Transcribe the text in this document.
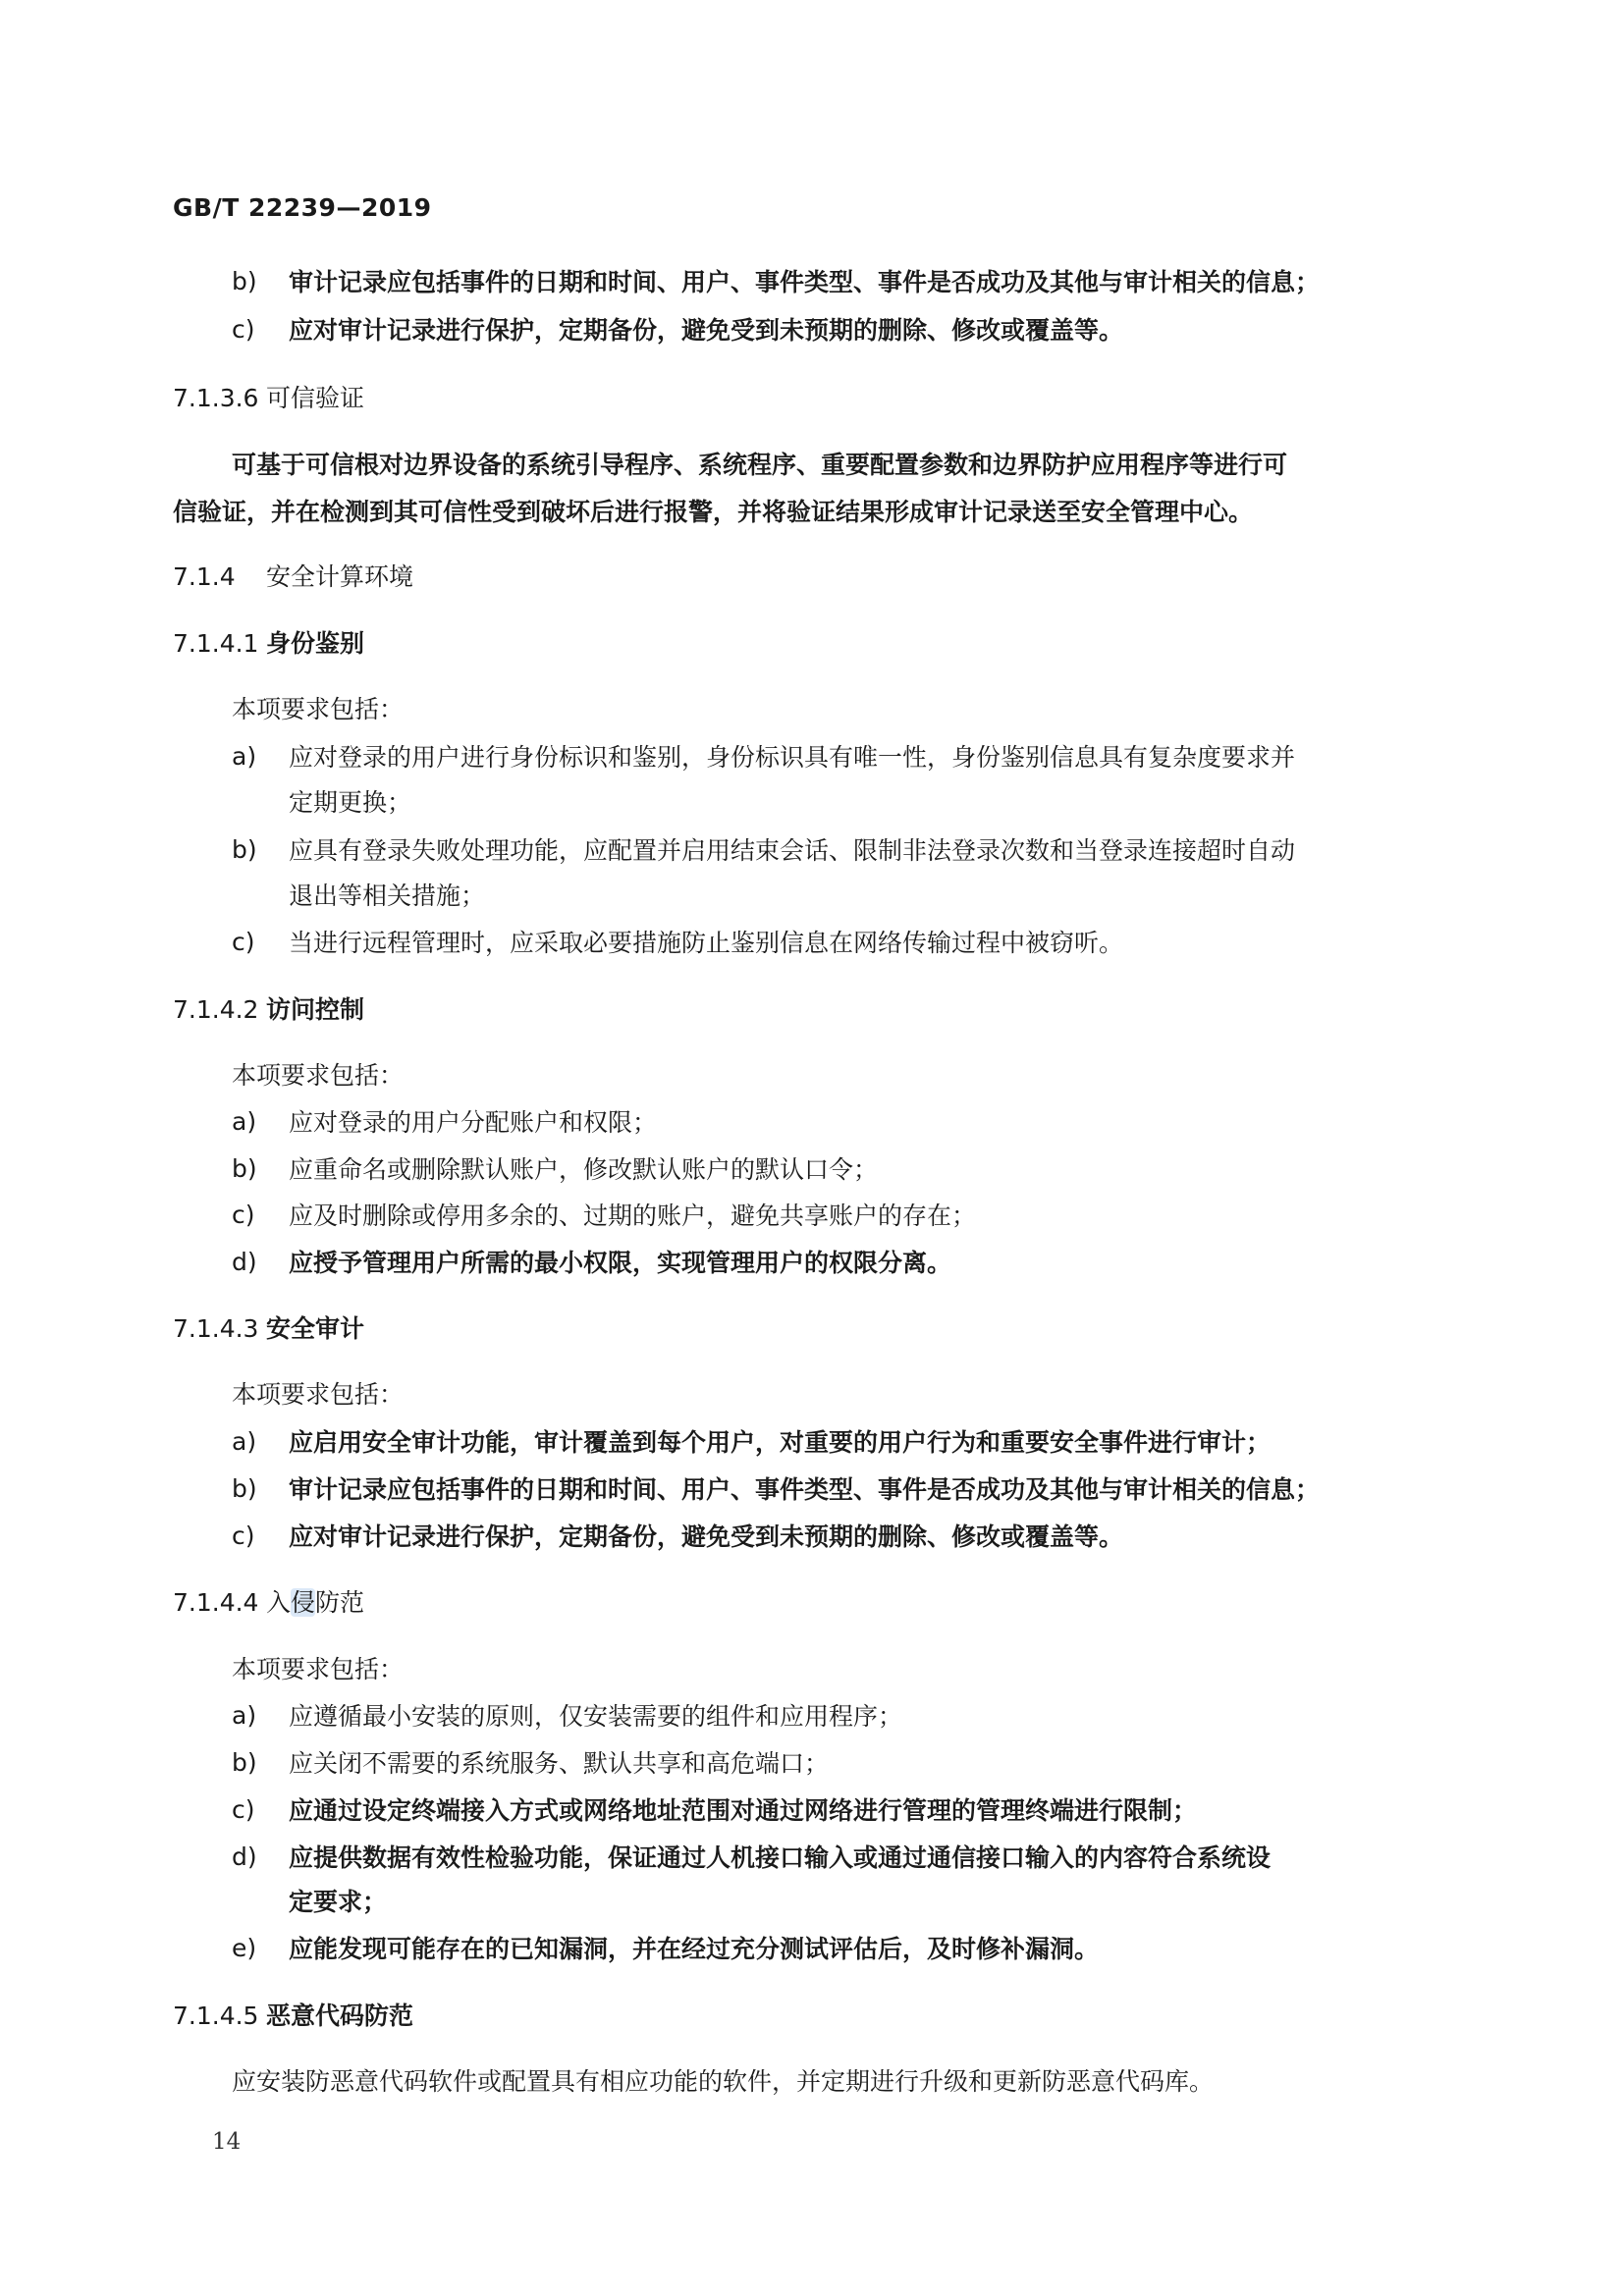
GB/T 22239—2019
b) 审计记录应包括事件的日期和时间、用户、事件类型、事件是否成功及其他与审计相关的信息；
c) 应对审计记录进行保护，定期备份，避免受到未预期的删除、修改或覆盖等。
7.1.3.6 可信验证
可基于可信根对边界设备的系统引导程序、系统程序、重要配置参数和边界防护应用程序等进行可
信验证，并在检测到其可信性受到破坏后进行报警，并将验证结果形成审计记录送至安全管理中心。
7.1.4 安全计算环境
7.1.4.1 身份鉴别
本项要求包括：
a) 应对登录的用户进行身份标识和鉴别，身份标识具有唯一性，身份鉴别信息具有复杂度要求并
定期更换；
b) 应具有登录失败处理功能，应配置并启用结束会话、限制非法登录次数和当登录连接超时自动
退出等相关措施；
c) 当进行远程管理时，应采取必要措施防止鉴别信息在网络传输过程中被窃听。
7.1.4.2 访问控制
本项要求包括：
a) 应对登录的用户分配账户和权限；
b) 应重命名或删除默认账户，修改默认账户的默认口令；
c) 应及时删除或停用多余的、过期的账户，避免共享账户的存在；
d) 应授予管理用户所需的最小权限，实现管理用户的权限分离。
7.1.4.3 安全审计
本项要求包括：
a) 应启用安全审计功能，审计覆盖到每个用户，对重要的用户行为和重要安全事件进行审计；
b) 审计记录应包括事件的日期和时间、用户、事件类型、事件是否成功及其他与审计相关的信息；
c) 应对审计记录进行保护，定期备份，避免受到未预期的删除、修改或覆盖等。
7.1.4.4 入侵防范
本项要求包括：
a) 应遵循最小安装的原则，仅安装需要的组件和应用程序；
b) 应关闭不需要的系统服务、默认共享和高危端口；
c) 应通过设定终端接入方式或网络地址范围对通过网络进行管理的管理终端进行限制；
d) 应提供数据有效性检验功能，保证通过人机接口输入或通过通信接口输入的内容符合系统设
定要求；
e) 应能发现可能存在的已知漏洞，并在经过充分测试评估后，及时修补漏洞。
7.1.4.5 恶意代码防范
应安装防恶意代码软件或配置具有相应功能的软件，并定期进行升级和更新防恶意代码库。
14
